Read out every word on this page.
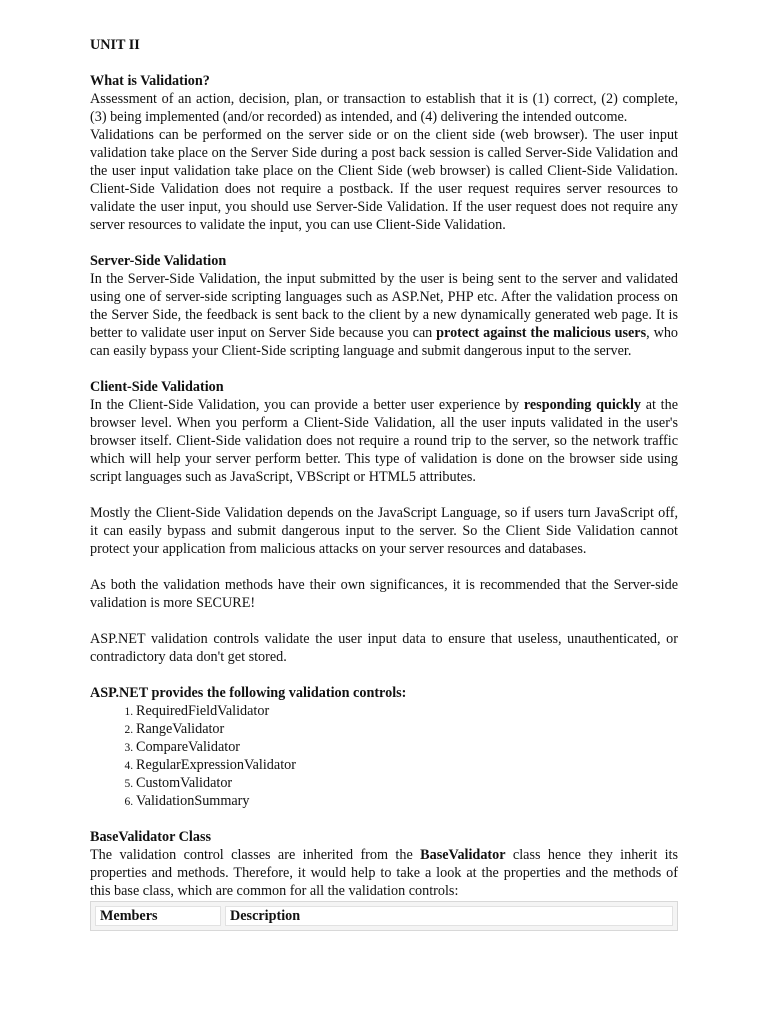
UNIT II
What is Validation?

Assessment of an action, decision, plan, or transaction to establish that it is (1) correct, (2) complete, (3) being implemented (and/or recorded) as intended, and (4) delivering the intended outcome.

Validations can be performed on the server side or on the client side (web browser). The user input validation take place on the Server Side during a post back session is called Server-Side Validation and the user input validation take place on the Client Side (web browser) is called Client-Side Validation. Client-Side Validation does not require a postback. If the user request requires server resources to validate the user input, you should use Server-Side Validation. If the user request does not require any server resources to validate the input, you can use Client-Side Validation.

Server-Side Validation

In the Server-Side Validation, the input submitted by the user is being sent to the server and validated using one of server-side scripting languages such as ASP.Net, PHP etc. After the validation process on the Server Side, the feedback is sent back to the client by a new dynamically generated web page. It is better to validate user input on Server Side because you can protect against the malicious users, who can easily bypass your Client-Side scripting language and submit dangerous input to the server.

Client-Side Validation

In the Client-Side Validation, you can provide a better user experience by responding quickly at the browser level. When you perform a Client-Side Validation, all the user inputs validated in the user's browser itself. Client-Side validation does not require a round trip to the server, so the network traffic which will help your server perform better. This type of validation is done on the browser side using script languages such as JavaScript, VBScript or HTML5 attributes.

Mostly the Client-Side Validation depends on the JavaScript Language, so if users turn JavaScript off, it can easily bypass and submit dangerous input to the server. So the Client Side Validation cannot protect your application from malicious attacks on your server resources and databases.

As both the validation methods have their own significances, it is recommended that the Server-side validation is more SECURE!

ASP.NET validation controls validate the user input data to ensure that useless, unauthenticated, or contradictory data don't get stored.

ASP.NET provides the following validation controls:
1. RequiredFieldValidator
2. RangeValidator
3. CompareValidator
4. RegularExpressionValidator
5. CustomValidator
6. ValidationSummary
BaseValidator Class

The validation control classes are inherited from the BaseValidator class hence they inherit its properties and methods. Therefore, it would help to take a look at the properties and the methods of this base class, which are common for all the validation controls:

Members	Description
